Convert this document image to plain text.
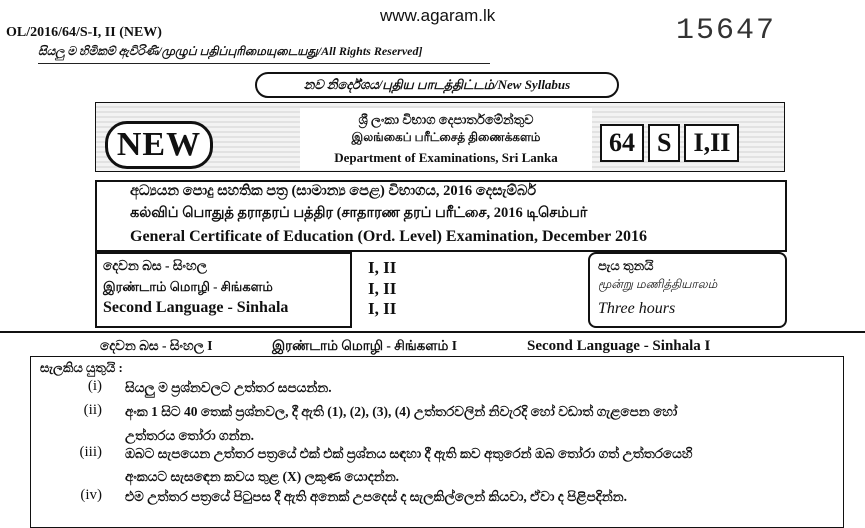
www.agaram.lk
OL/2016/64/S-I, II (NEW)	15647
සියලු ම හිමිකම් ඇවිරිණි/முழுப் பதிப்புரிமையுடையது/All Rights Reserved]
නව නිර්දේශය/புதிய பாடத்திட்டம்/New Syllabus
NEW
ශ්‍රී ලංකා විභාග දෙපාර්තමේන්තුව
இலங்கைப் பரீட்சைத் திணைக்களம்
Department of Examinations, Sri Lanka
64 S I,II
අධ්‍යයන පොදු සහතික පත්‍ර (සාමාන්‍ය පෙළ) විභාගය, 2016 දෙසැම්බර්
கல்விப் பொதுத் தராதரப் பத்திர (சாதாரண தரப் பரீட்சை, 2016 டிசெம்பர்
General Certificate of Education (Ord. Level) Examination, December 2016
දෙවන බස - සිංහල
இரண்டாம் மொழி - சிங்களம்
Second Language - Sinhala
I, II
I, II
I, II
පැය තුනයි
மூன்று மணித்தியாலம்
Three hours
දෙවන බස - සිංහල I	இரண்டாம் மொழி - சிங்களம் I	Second Language - Sinhala I
සැලකිය යුතුයි :
(i) සියලු ම ප්‍රශ්නවලට උත්තර සපයන්න.
(ii) අංක 1 සිට 40 තෙක් ප්‍රශ්නවල, දී ඇති (1), (2), (3), (4) උත්තරවලින් නිවැරදි හෝ වඩාත් ගැළපෙන හෝ
උත්තරය තෝරා ගන්න.
(iii) ඔබට සැපයෙන උත්තර පත්‍රයේ එක් එක් ප්‍රශ්නය සඳහා දී ඇති කව අතුරෙන් ඔබ තෝරා ගත් උත්තරයෙහි
අංකයට සැසඳෙන කවය තුළ (X) ලකුණ යොදන්න.
(iv) එම උත්තර පත්‍රයේ පිටුපස දී ඇති අනෙක් උපදෙස් ද සැලකිල්ලෙන් කියවා, ඒවා ද පිළිපදින්න.
